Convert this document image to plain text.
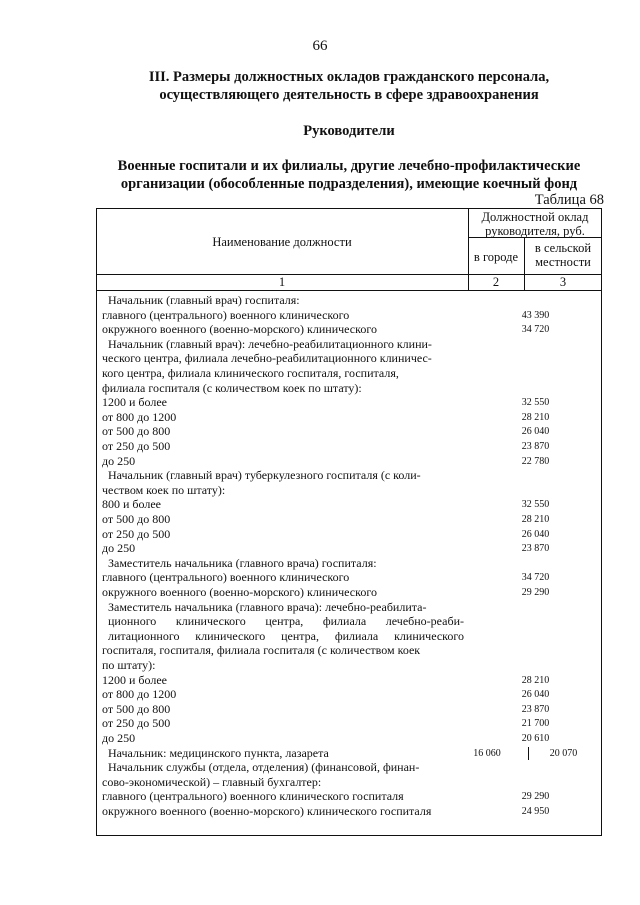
66
III. Размеры должностных окладов гражданского персонала,
осуществляющего деятельность в сфере здравоохранения
Руководители
Военные госпитали и их филиалы, другие лечебно-профилактические
организации (обособленные подразделения), имеющие коечный фонд
Таблица 68
Наименование должности
Должностной оклад
руководителя, руб.
в городе
в сельской
местности
1	2	3
Начальник (главный врач) госпиталя:
главного (центрального) военного клинического	43 390
окружного военного (военно-морского) клинического	34 720
Начальник (главный врач): лечебно-реабилитационного клини-
ческого центра, филиала лечебно-реабилитационного клиничес-
кого центра, филиала клинического госпиталя, госпиталя,
филиала госпиталя (с количеством коек по штату):
1200 и более	32 550
от 800 до 1200	28 210
от 500 до 800	26 040
от 250 до 500	23 870
до 250	22 780
Начальник (главный врач) туберкулезного госпиталя (с коли-
чеством коек по штату):
800 и более	32 550
от 500 до 800	28 210
от 250 до 500	26 040
до 250	23 870
Заместитель начальника (главного врача) госпиталя:
главного (центрального) военного клинического	34 720
окружного военного (военно-морского) клинического	29 290
Заместитель начальника (главного врача): лечебно-реабилита-
ционного клинического центра, филиала лечебно-реаби-
литационного клинического центра, филиала клинического
госпиталя, госпиталя, филиала госпиталя (с количеством коек
по штату):
1200 и более	28 210
от 800 до 1200	26 040
от 500 до 800	23 870
от 250 до 500	21 700
до 250	20 610
Начальник: медицинского пункта, лазарета	16 060	20 070
Начальник службы (отдела, отделения) (финансовой, финан-
сово-экономической) – главный бухгалтер:
главного (центрального) военного клинического госпиталя	29 290
окружного военного (военно-морского) клинического госпиталя	24 950
